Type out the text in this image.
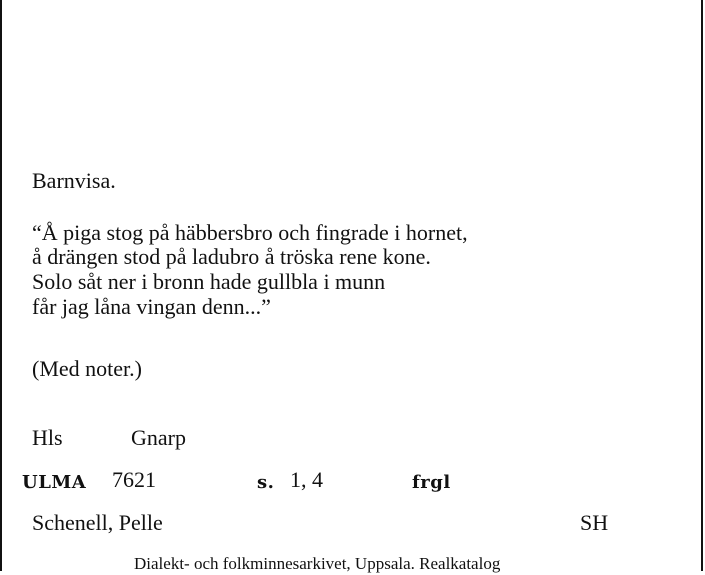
Barnvisa.
“Å piga stog på häbbersbro och fingrade i hornet,
å drängen stod på ladubro å tröska rene kone.
Solo såt ner i bronn hade gullbla i munn
får jag låna vingan denn...”
(Med noter.)
Hls	Gnarp
ULMA 7621	s. 1, 4	frgl
Schenell, Pelle	SH
Dialekt- och folkminnesarkivet, Uppsala. Realkatalog
